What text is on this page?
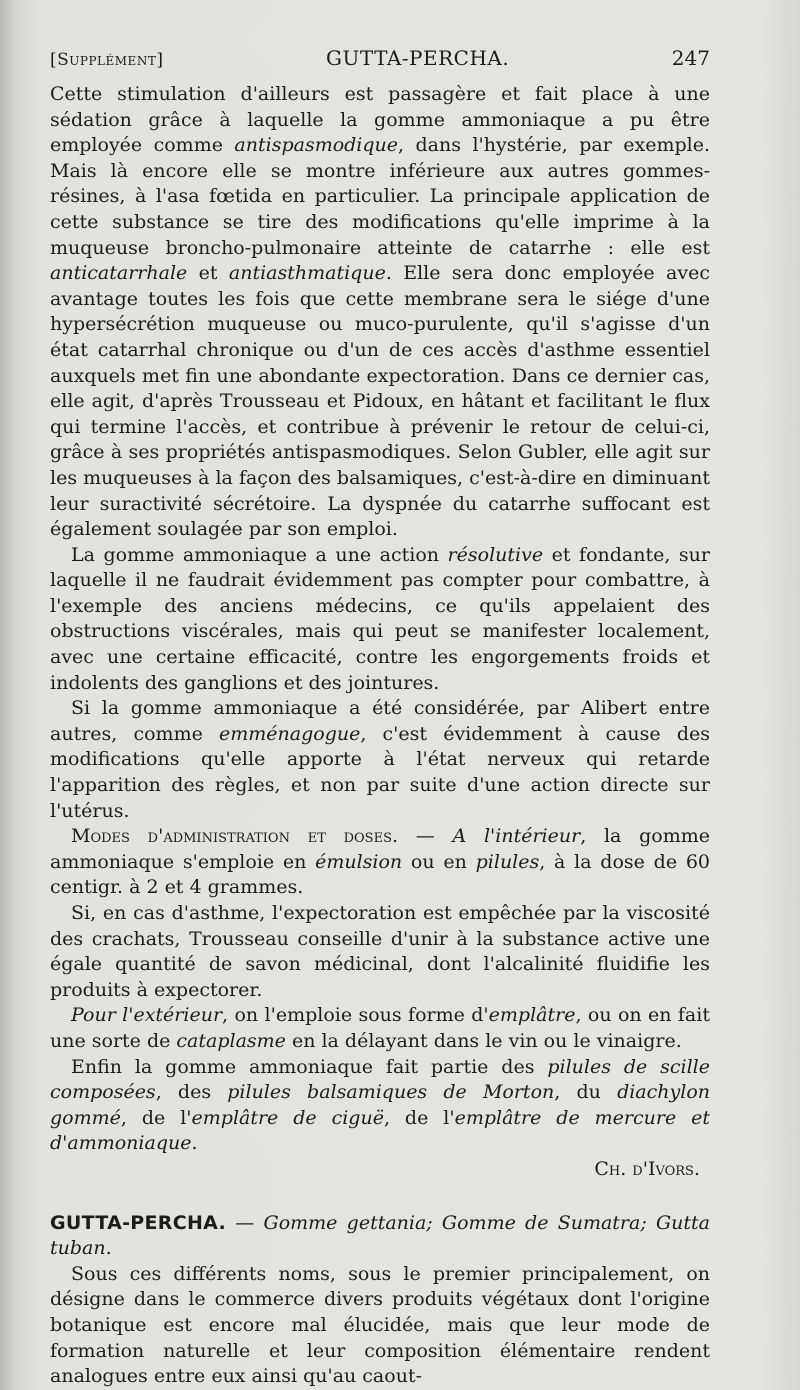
[Supplément]	GUTTA-PERCHA.	247

Cette stimulation d'ailleurs est passagère et fait place à une sédation grâce à laquelle la gomme ammoniaque a pu être employée comme antispasmodique, dans l'hystérie, par exemple. Mais là encore elle se montre inférieure aux autres gommes-résines, à l'asa fœtida en particulier. La principale application de cette substance se tire des modifications qu'elle imprime à la muqueuse broncho-pulmonaire atteinte de catarrhe : elle est anticatarrhale et antiasthmatique. Elle sera donc employée avec avantage toutes les fois que cette membrane sera le siége d'une hypersécrétion muqueuse ou muco-purulente, qu'il s'agisse d'un état catarrhal chronique ou d'un de ces accès d'asthme essentiel auxquels met fin une abondante expectoration. Dans ce dernier cas, elle agit, d'après Trousseau et Pidoux, en hâtant et facilitant le flux qui termine l'accès, et contribue à prévenir le retour de celui-ci, grâce à ses propriétés antispasmodiques. Selon Gubler, elle agit sur les muqueuses à la façon des balsamiques, c'est-à-dire en diminuant leur suractivité sécrétoire. La dyspnée du catarrhe suffocant est également soulagée par son emploi.

La gomme ammoniaque a une action résolutive et fondante, sur laquelle il ne faudrait évidemment pas compter pour combattre, à l'exemple des anciens médecins, ce qu'ils appelaient des obstructions viscérales, mais qui peut se manifester localement, avec une certaine efficacité, contre les engorgements froids et indolents des ganglions et des jointures.

Si la gomme ammoniaque a été considérée, par Alibert entre autres, comme emménagogue, c'est évidemment à cause des modifications qu'elle apporte à l'état nerveux qui retarde l'apparition des règles, et non par suite d'une action directe sur l'utérus.

Modes d'administration et doses. — A l'intérieur, la gomme ammoniaque s'emploie en émulsion ou en pilules, à la dose de 60 centigr. à 2 et 4 grammes.

Si, en cas d'asthme, l'expectoration est empêchée par la viscosité des crachats, Trousseau conseille d'unir à la substance active une égale quantité de savon médicinal, dont l'alcalinité fluidifie les produits à expectorer.

Pour l'extérieur, on l'emploie sous forme d'emplâtre, ou on en fait une sorte de cataplasme en la délayant dans le vin ou le vinaigre.

Enfin la gomme ammoniaque fait partie des pilules de scille composées, des pilules balsamiques de Morton, du diachylon gommé, de l'emplâtre de ciguë, de l'emplâtre de mercure et d'ammoniaque.

Ch. d'Ivors.

GUTTA-PERCHA. — Gomme gettania; Gomme de Sumatra; Gutta tuban.

Sous ces différents noms, sous le premier principalement, on désigne dans le commerce divers produits végétaux dont l'origine botanique est encore mal élucidée, mais que leur mode de formation naturelle et leur composition élémentaire rendent analogues entre eux ainsi qu'au caout-
